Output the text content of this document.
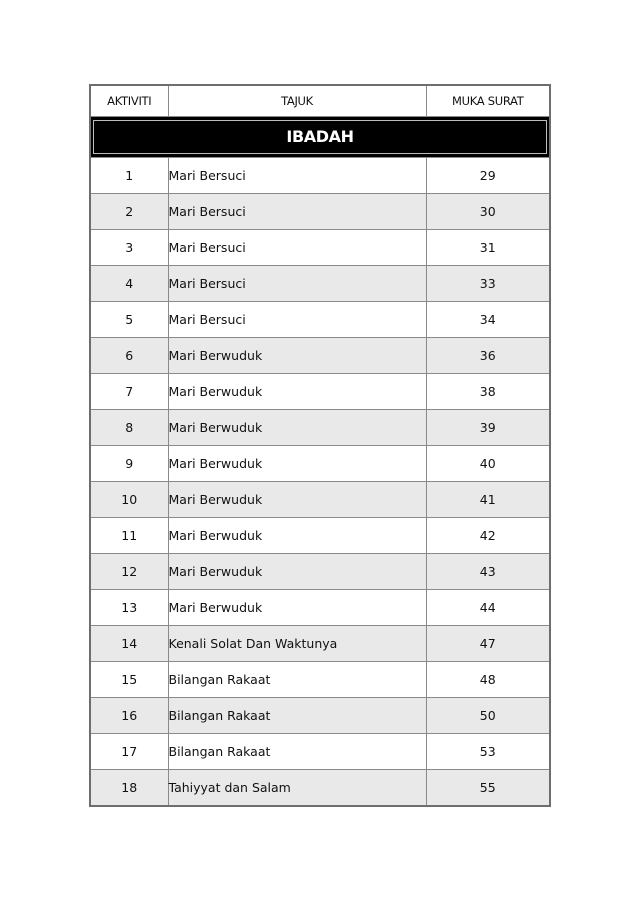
AKTIVITI	TAJUK	MUKA SURAT

IBADAH		

1	Mari Bersuci	29
2	Mari Bersuci	30
3	Mari Bersuci	31
4	Mari Bersuci	33
5	Mari Bersuci	34
6	Mari Berwuduk	36
7	Mari Berwuduk	38
8	Mari Berwuduk	39
9	Mari Berwuduk	40
10	Mari Berwuduk	41
11	Mari Berwuduk	42
12	Mari Berwuduk	43
13	Mari Berwuduk	44
14	Kenali Solat Dan Waktunya	47
15	Bilangan Rakaat	48
16	Bilangan Rakaat	50
17	Bilangan Rakaat	53
18	Tahiyyat dan Salam	55
